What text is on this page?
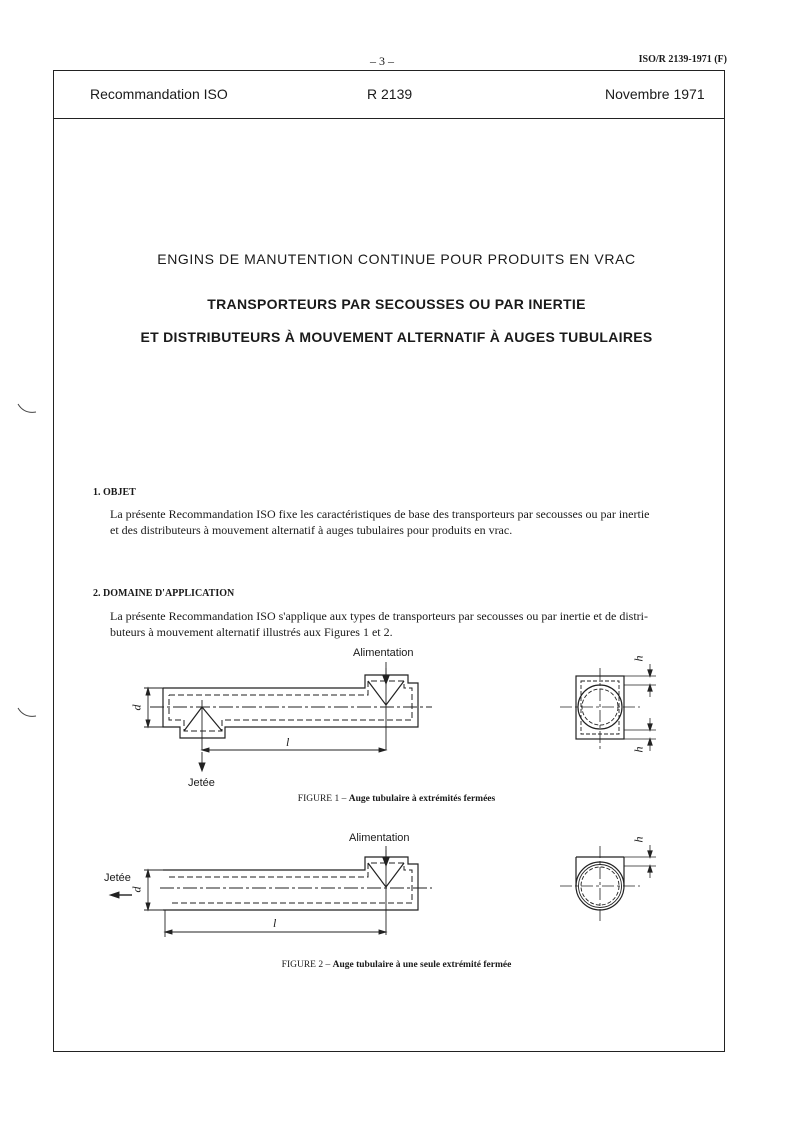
– 3 –	ISO/R 2139-1971 (F)
Recommandation ISO	R 2139	Novembre 1971
ENGINS DE MANUTENTION CONTINUE POUR PRODUITS EN VRAC
TRANSPORTEURS PAR SECOUSSES OU PAR INERTIE
ET DISTRIBUTEURS À MOUVEMENT ALTERNATIF À AUGES TUBULAIRES
1. OBJET
La présente Recommandation ISO fixe les caractéristiques de base des transporteurs par secousses ou par inertie
et des distributeurs à mouvement alternatif à auges tubulaires pour produits en vrac.
2. DOMAINE D'APPLICATION
La présente Recommandation ISO s'applique aux types de transporteurs par secousses ou par inertie et de distri-
buteurs à mouvement alternatif illustrés aux Figures 1 et 2.
Alimentation
Jetée
d
l
h
h
FIGURE 1 – Auge tubulaire à extrémités fermées
Alimentation
Jetée
d
l
h
FIGURE 2 – Auge tubulaire à une seule extrémité fermée
